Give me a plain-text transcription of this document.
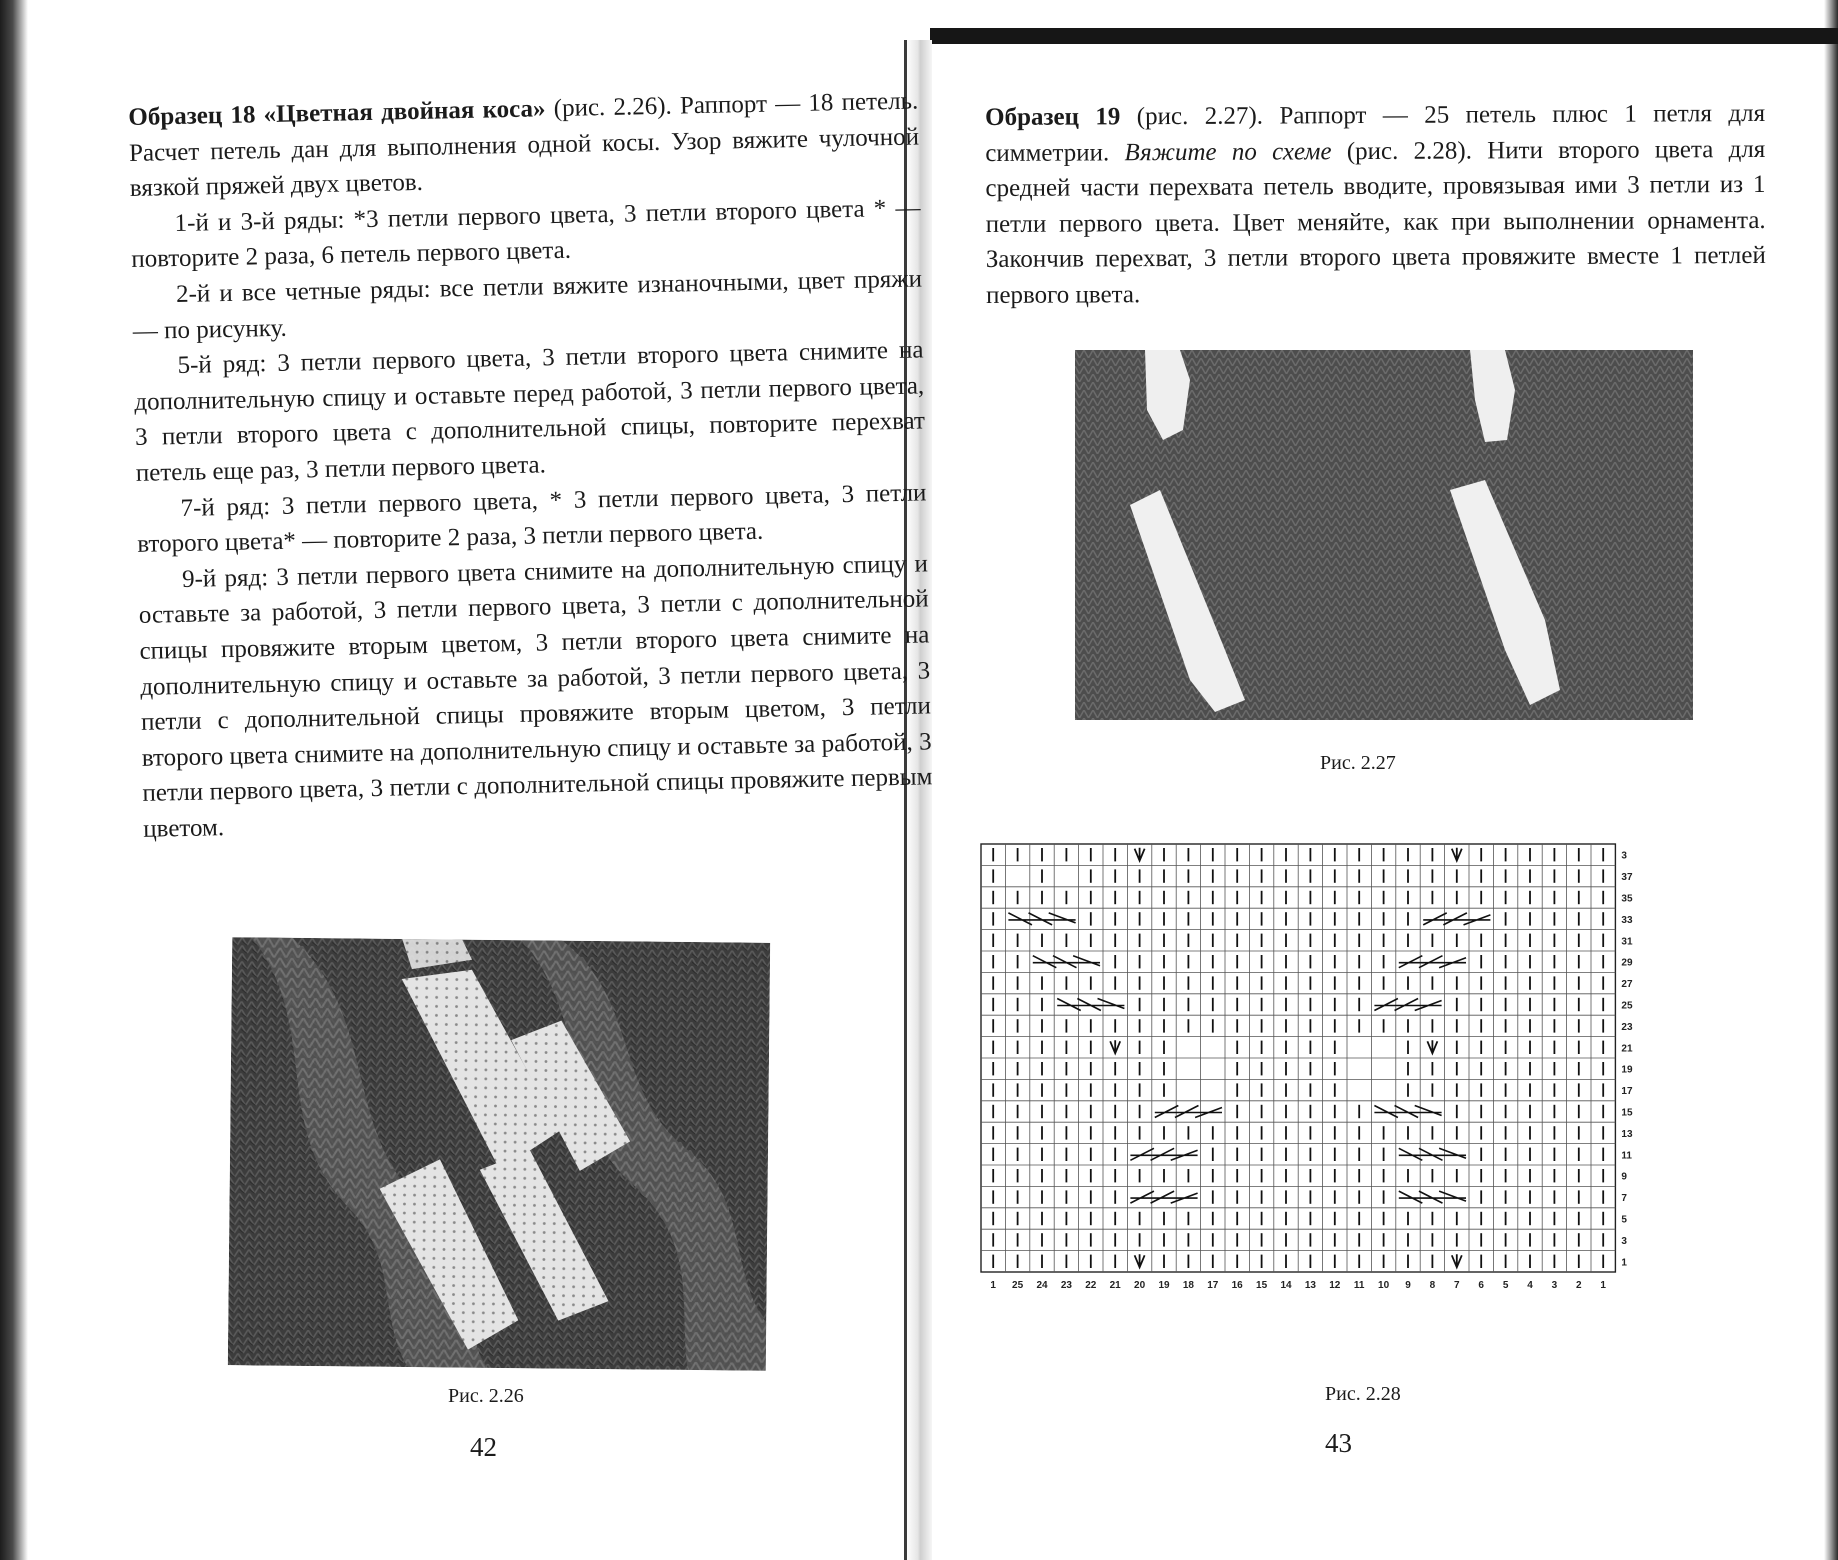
Образец 18 «Цветная двойная коса» (рис. 2.26). Раппорт — 18 петель. Расчет петель дан для выполнения одной косы. Узор вяжите чулочной вязкой пряжей двух цветов.

1-й и 3-й ряды: *3 петли первого цвета, 3 петли второго цвета * — повторите 2 раза, 6 петель первого цвета.

2-й и все четные ряды: все петли вяжите изнаночными, цвет пряжи — по рисунку.

5-й ряд: 3 петли первого цвета, 3 петли второго цвета снимите на дополнительную спицу и оставьте перед работой, 3 петли первого цвета, 3 петли второго цвета с дополнительной спицы, повторите перехват петель еще раз, 3 петли первого цвета.

7-й ряд: 3 петли первого цвета, * 3 петли первого цвета, 3 петли второго цвета* — повторите 2 раза, 3 петли первого цвета.

9-й ряд: 3 петли первого цвета снимите на дополнительную спицу и оставьте за работой, 3 петли первого цвета, 3 петли с дополнительной спицы провяжите вторым цветом, 3 петли второго цвета снимите на дополнительную спицу и оставьте за работой, 3 петли первого цвета, 3 петли с дополнительной спицы провяжите вторым цветом, 3 петли второго цвета снимите на дополнительную спицу и оставьте за работой, 3 петли первого цвета, 3 петли с дополнительной спицы провяжите первым цветом.

Рис. 2.26
42

Образец 19 (рис. 2.27). Раппорт — 25 петель плюс 1 петля для симметрии. Вяжите по схеме (рис. 2.28). Нити второго цвета для средней части перехвата петель вводите, провязывая ими 3 петли из 1 петли первого цвета. Цвет меняйте, как при выполнении орнамента. Закончив перехват, 3 петли второго цвета провяжите вместе 1 петлей первого цвета.

Рис. 2.27
3
37
35
33
31
29
27
25
23
21
19
17
15
13
11
9
7
5
3
1
1 25 24 23 22 21 20 19 18 17 16 15 14 13 12 11 10 9 8 7 6 5 4 3 2 1
Рис. 2.28
43
